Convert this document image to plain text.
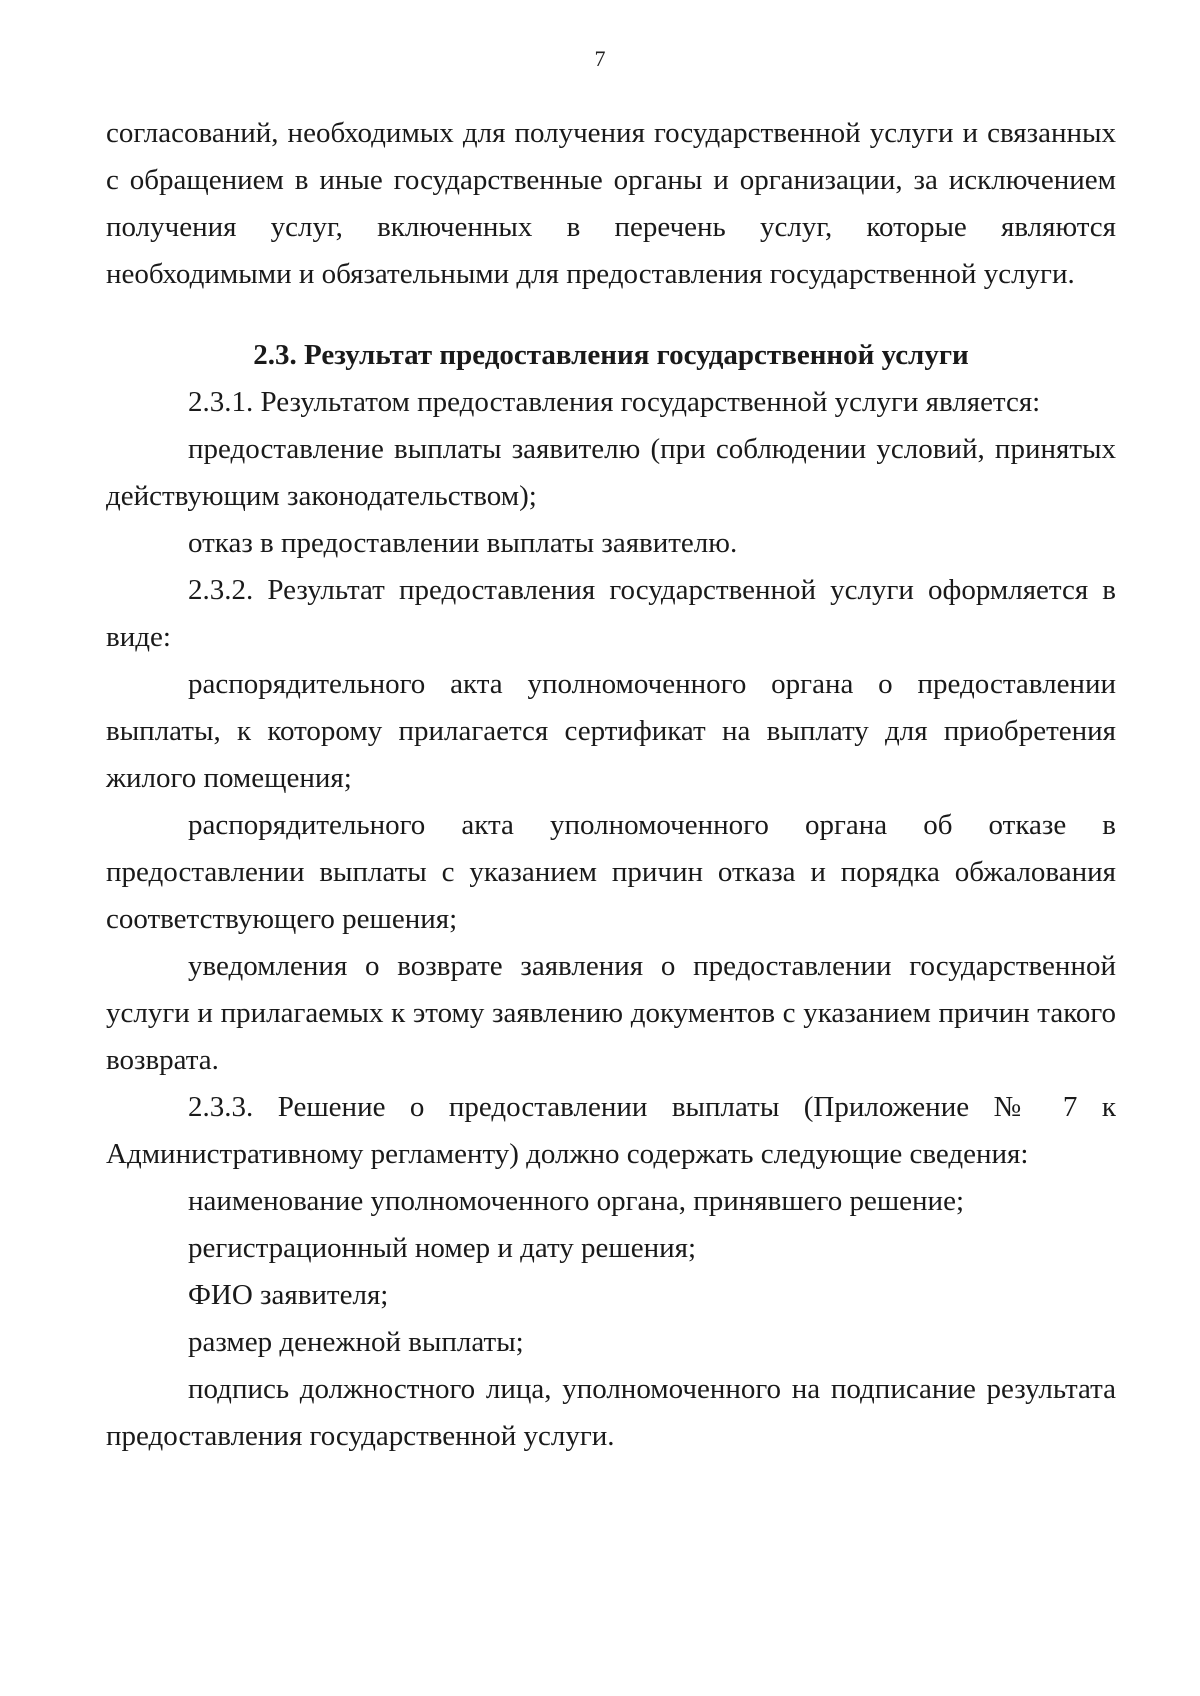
7

согласований, необходимых для получения государственной услуги и связанных с обращением в иные государственные органы и организации, за исключением получения услуг, включенных в перечень услуг, которые являются необходимыми и обязательными для предоставления государственной услуги.

2.3. Результат предоставления государственной услуги

2.3.1. Результатом предоставления государственной услуги является:

предоставление выплаты заявителю (при соблюдении условий, принятых действующим законодательством);

отказ в предоставлении выплаты заявителю.

2.3.2. Результат предоставления государственной услуги оформляется в виде:

распорядительного акта уполномоченного органа о предоставлении выплаты, к которому прилагается сертификат на выплату для приобретения жилого помещения;

распорядительного акта уполномоченного органа об отказе в предоставлении выплаты с указанием причин отказа и порядка обжалования соответствующего решения;

уведомления о возврате заявления о предоставлении государственной услуги и прилагаемых к этому заявлению документов с указанием причин такого возврата.

2.3.3. Решение о предоставлении выплаты (Приложение № 7 к Административному регламенту) должно содержать следующие сведения:

наименование уполномоченного органа, принявшего решение;

регистрационный номер и дату решения;

ФИО заявителя;

размер денежной выплаты;

подпись должностного лица, уполномоченного на подписание результата предоставления государственной услуги.
